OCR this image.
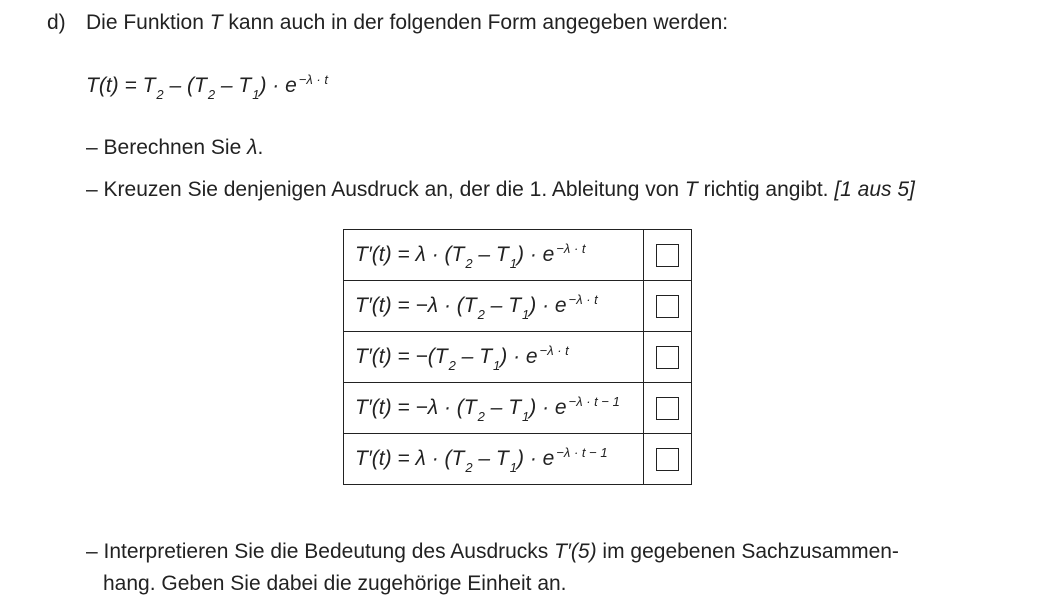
d) Die Funktion T kann auch in der folgenden Form angegeben werden:
$T(t) = T_2 - (T_2 - T_1) \cdot e$ $^{-\lambda \cdot t}$
– Berechnen Sie λ.
– Kreuzen Sie denjenigen Ausdruck an, der die 1. Ableitung von T richtig angibt. [1 aus 5]
$T'(t) = \lambda \cdot (T_2 - T_1) \cdot e$ $^{-\lambda \cdot t}$	
$T'(t) = -\lambda \cdot (T_2 - T_1) \cdot e$ $^{-\lambda \cdot t}$	
$T'(t) = -(T_2 - T_1) \cdot e$ $^{-\lambda \cdot t}$	
$T'(t) = -\lambda \cdot (T_2 - T_1) \cdot e$ $^{-\lambda \cdot t - 1}$	
$T'(t) = \lambda \cdot (T_2 - T_1) \cdot e$ $^{-\lambda \cdot t - 1}$	
– Interpretieren Sie die Bedeutung des Ausdrucks T′(5) im gegebenen Sachzusammen-
hang. Geben Sie dabei die zugehörige Einheit an.
